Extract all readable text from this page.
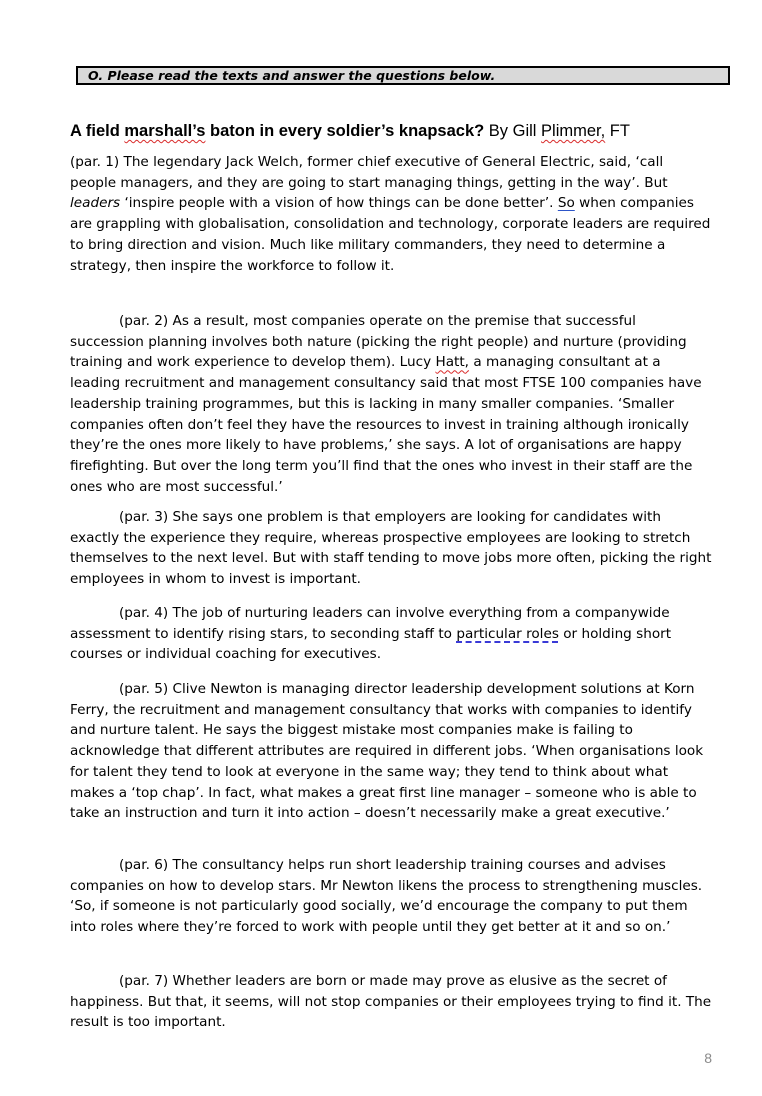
O. Please read the texts and answer the questions below.
A field marshall’s baton in every soldier’s knapsack? By Gill Plimmer, FT

(par. 1) The legendary Jack Welch, former chief executive of General Electric, said, ‘call people managers, and they are going to start managing things, getting in the way’. But leaders ‘inspire people with a vision of how things can be done better’. So when companies are grappling with globalisation, consolidation and technology, corporate leaders are required to bring direction and vision. Much like military commanders, they need to determine a strategy, then inspire the workforce to follow it.

(par. 2) As a result, most companies operate on the premise that successful succession planning involves both nature (picking the right people) and nurture (providing training and work experience to develop them). Lucy Hatt, a managing consultant at a leading recruitment and management consultancy said that most FTSE 100 companies have leadership training programmes, but this is lacking in many smaller companies. ‘Smaller companies often don’t feel they have the resources to invest in training although ironically they’re the ones more likely to have problems,’ she says. A lot of organisations are happy firefighting. But over the long term you’ll find that the ones who invest in their staff are the ones who are most successful.’

(par. 3) She says one problem is that employers are looking for candidates with exactly the experience they require, whereas prospective employees are looking to stretch themselves to the next level. But with staff tending to move jobs more often, picking the right employees in whom to invest is important.

(par. 4) The job of nurturing leaders can involve everything from a companywide assessment to identify rising stars, to seconding staff to particular roles or holding short courses or individual coaching for executives.

(par. 5) Clive Newton is managing director leadership development solutions at Korn Ferry, the recruitment and management consultancy that works with companies to identify and nurture talent. He says the biggest mistake most companies make is failing to acknowledge that different attributes are required in different jobs. ‘When organisations look for talent they tend to look at everyone in the same way; they tend to think about what makes a ‘top chap’. In fact, what makes a great first line manager – someone who is able to take an instruction and turn it into action – doesn’t necessarily make a great executive.’

(par. 6) The consultancy helps run short leadership training courses and advises companies on how to develop stars. Mr Newton likens the process to strengthening muscles. ‘So, if someone is not particularly good socially, we’d encourage the company to put them into roles where they’re forced to work with people until they get better at it and so on.’

(par. 7) Whether leaders are born or made may prove as elusive as the secret of happiness. But that, it seems, will not stop companies or their employees trying to find it. The result is too important.

8
